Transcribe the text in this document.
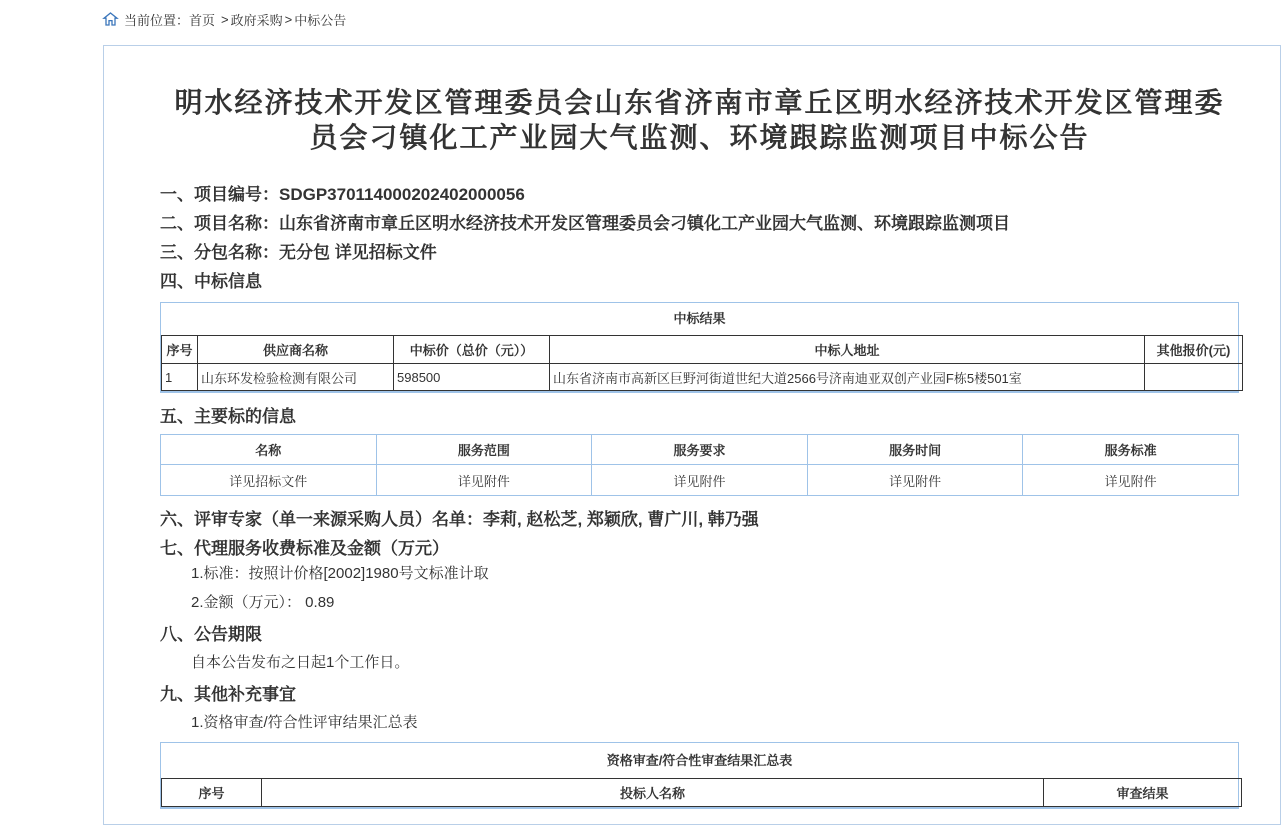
当前位置： 首页 > 政府采购 > 中标公告
明水经济技术开发区管理委员会山东省济南市章丘区明水经济技术开发区管理委员会刁镇化工产业园大气监测、环境跟踪监测项目中标公告

一、项目编号：SDGP370114000202402000056

二、项目名称：山东省济南市章丘区明水经济技术开发区管理委员会刁镇化工产业园大气监测、环境跟踪监测项目

三、分包名称：无分包 详见招标文件

四、中标信息

中标结果
序号	供应商名称	中标价（总价（元））	中标人地址	其他报价(元)
1	山东环发检验检测有限公司	598500	山东省济南市高新区巨野河街道世纪大道2566号济南迪亚双创产业园F栋5楼501室	

五、主要标的信息

名称	服务范围	服务要求	服务时间	服务标准
详见招标文件	详见附件	详见附件	详见附件	详见附件

六、评审专家（单一来源采购人员）名单：李莉, 赵松芝, 郑颖欣, 曹广川, 韩乃强

七、代理服务收费标准及金额（万元）

1.标准：按照计价格[2002]1980号文标准计取

2.金额（万元）： 0.89

八、公告期限

自本公告发布之日起1个工作日。

九、其他补充事宜

1.资格审查/符合性评审结果汇总表

资格审查/符合性审查结果汇总表
序号	投标人名称	审查结果
